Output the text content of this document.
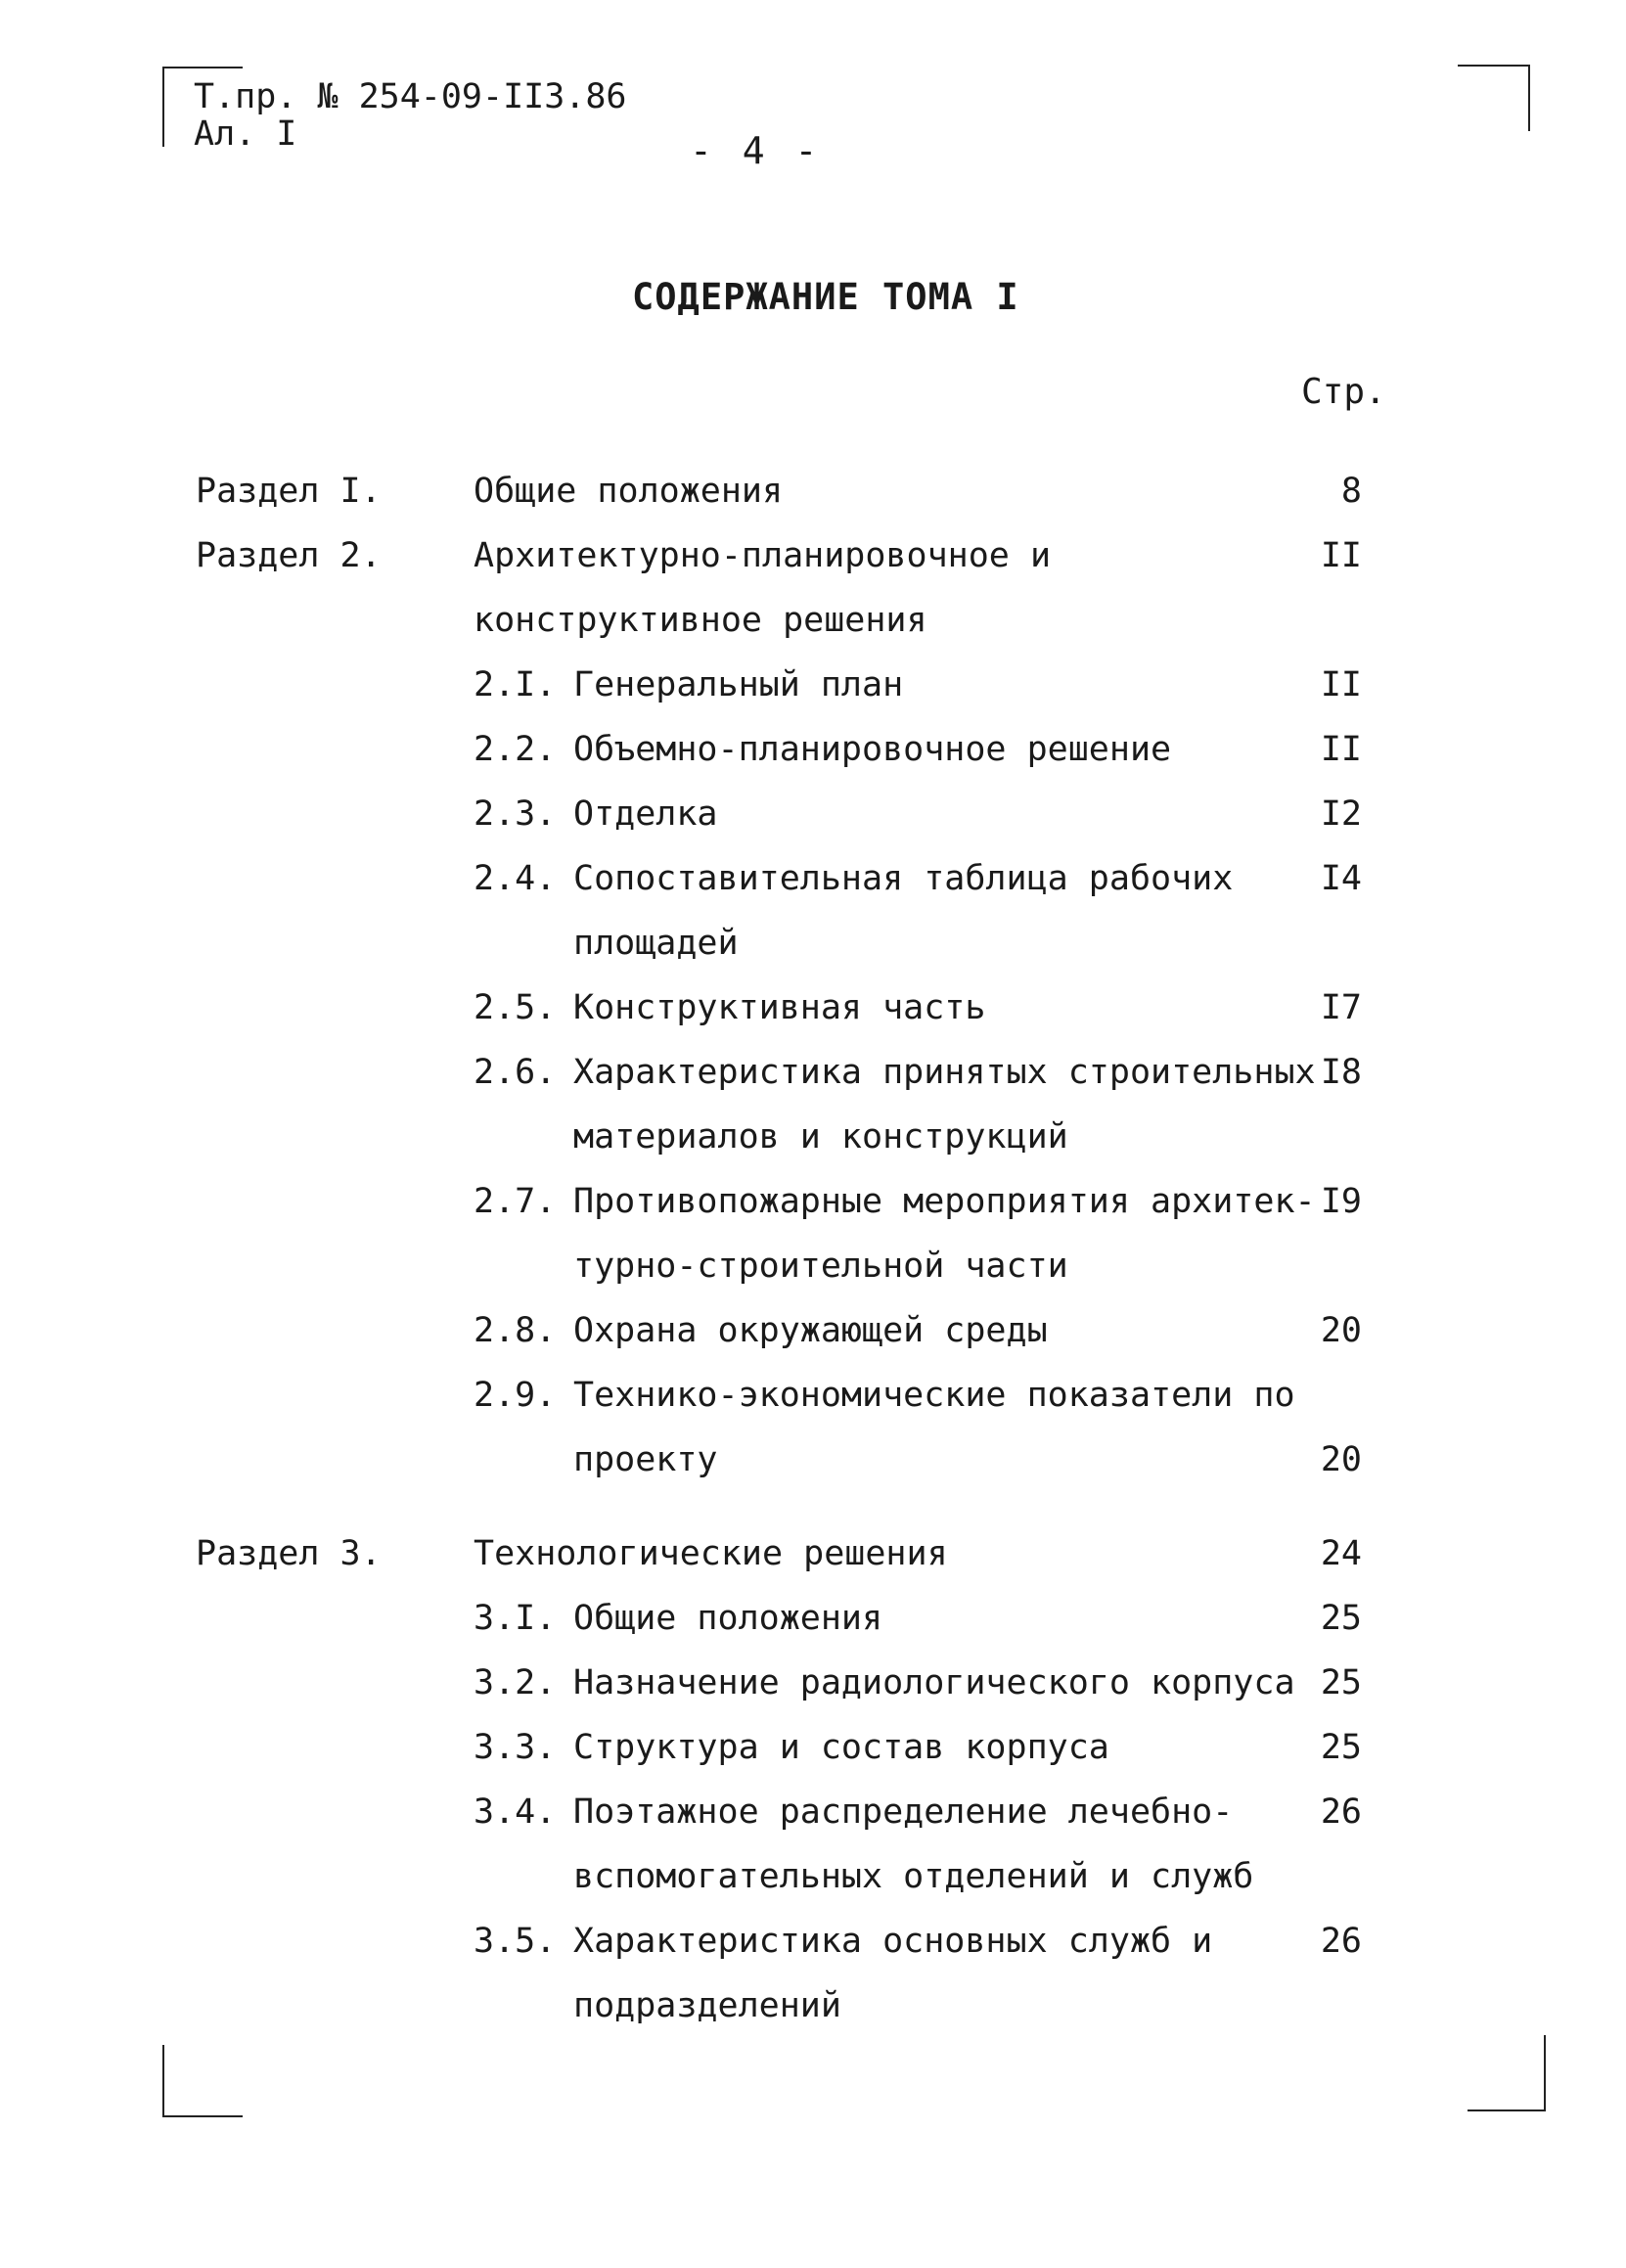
Т.пр. № 254-09-II3.86
Ал. I	- 4 -
СОДЕРЖАНИЕ ТОМА I
Стр.
Раздел I.	Общие положения	8
Раздел 2.	Архитектурно-планировочное и	II
конструктивное решения
2.I. Генеральный план	II
2.2. Объемно-планировочное решение	II
2.3. Отделка	I2
2.4. Сопоставительная таблица рабочих	I4
площадей
2.5. Конструктивная часть	I7
2.6. Характеристика принятых строительных I8
материалов и конструкций
2.7. Противопожарные мероприятия архитек- I9
турно-строительной части
2.8. Охрана окружающей среды	20
2.9. Технико-экономические показатели по
проекту	20
Раздел 3.	Технологические решения	24
3.I. Общие положения	25
3.2. Назначение радиологического корпуса 25
3.3. Структура и состав корпуса	25
3.4. Поэтажное распределение лечебно-	26
вспомогательных отделений и служб
3.5. Характеристика основных служб и	26
подразделений
